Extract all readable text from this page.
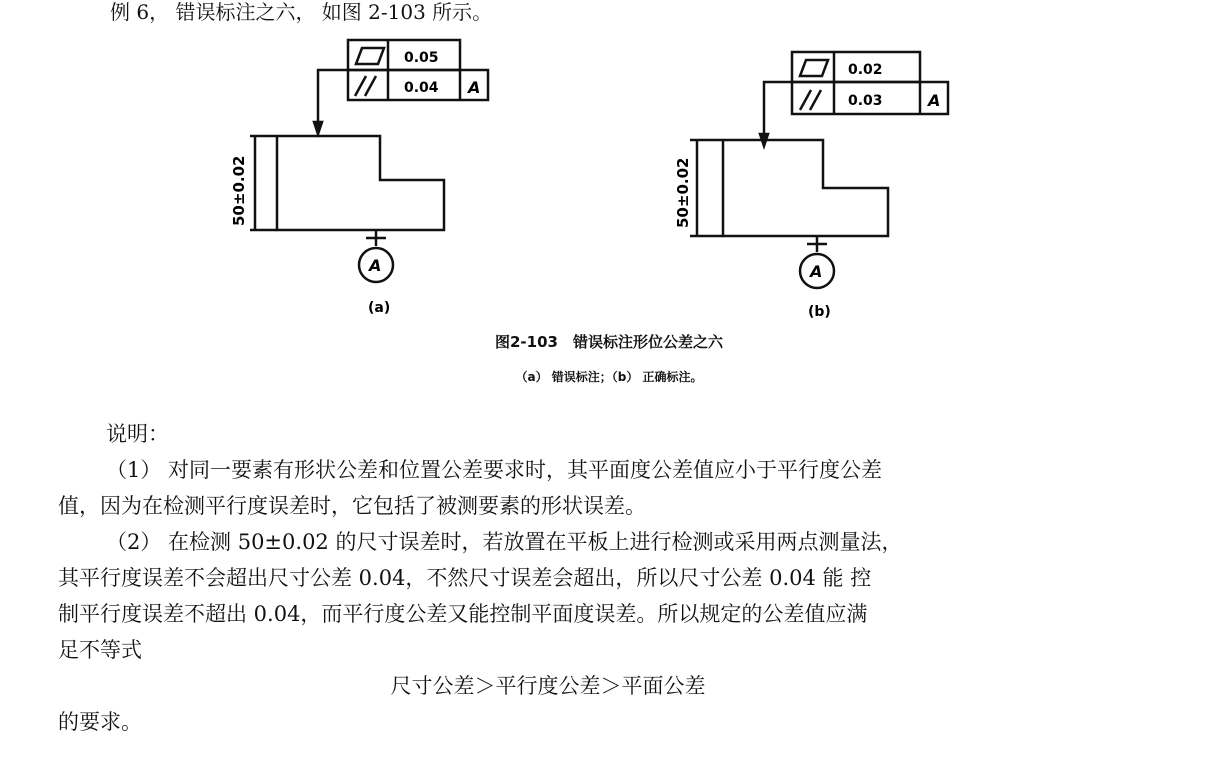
例 6， 错误标注之六， 如图 2-103 所示。
0.05
0.04 A
50±0.02
A
(a)
0.02
0.03	A
50±0.02
A
(b)
图2-103　错误标注形位公差之六
（a） 错误标注；（b） 正确标注。
说明：
（1） 对同一要素有形状公差和位置公差要求时，其平面度公差值应小于平行度公差
值，因为在检测平行度误差时，它包括了被测要素的形状误差。
（2） 在检测 50±0.02 的尺寸误差时，若放置在平板上进行检测或采用两点测量法，
其平行度误差不会超出尺寸公差 0.04，不然尺寸误差会超出，所以尺寸公差 0.04 能 控
制平行度误差不超出 0.04，而平行度公差又能控制平面度误差。所以规定的公差值应满
足不等式
尺寸公差＞平行度公差＞平面公差
的要求。
